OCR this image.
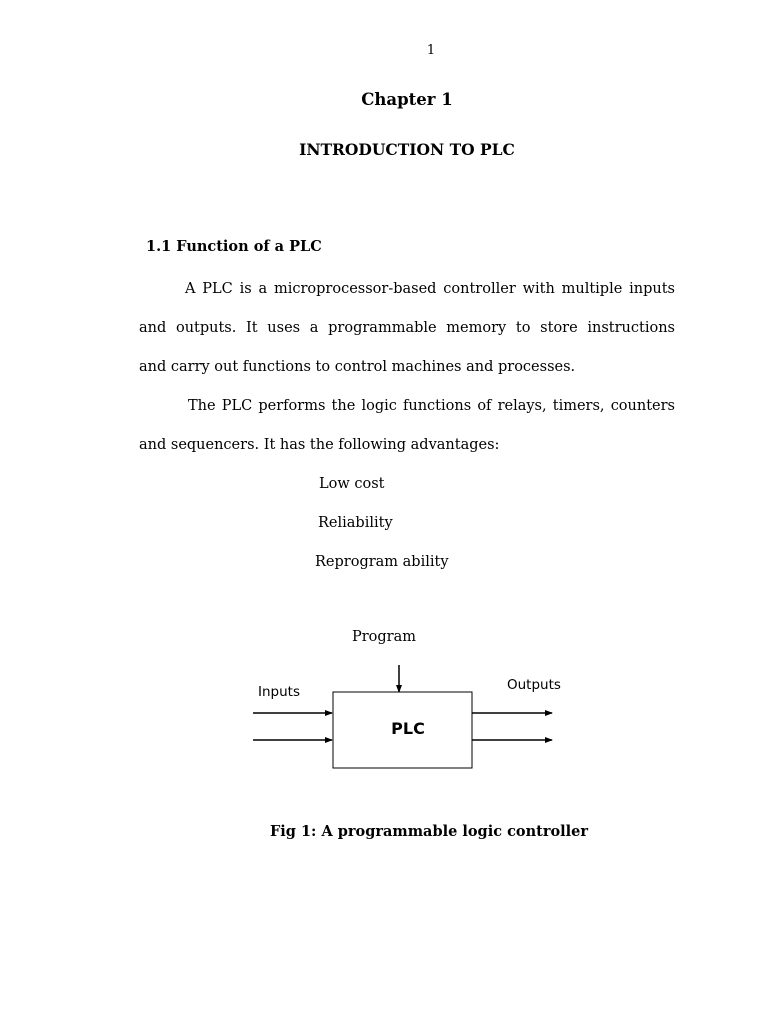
1
Chapter 1
INTRODUCTION TO PLC
1.1 Function of a PLC
A PLC is a microprocessor-based controller with multiple inputs
and outputs. It uses a programmable memory to store instructions
and carry out functions to control machines and processes.
The PLC performs the logic functions of relays, timers, counters
and sequencers. It has the following advantages:
Low cost
Reliability
Reprogram ability
Program
Inputs	Outputs
PLC
Fig 1: A programmable logic controller
